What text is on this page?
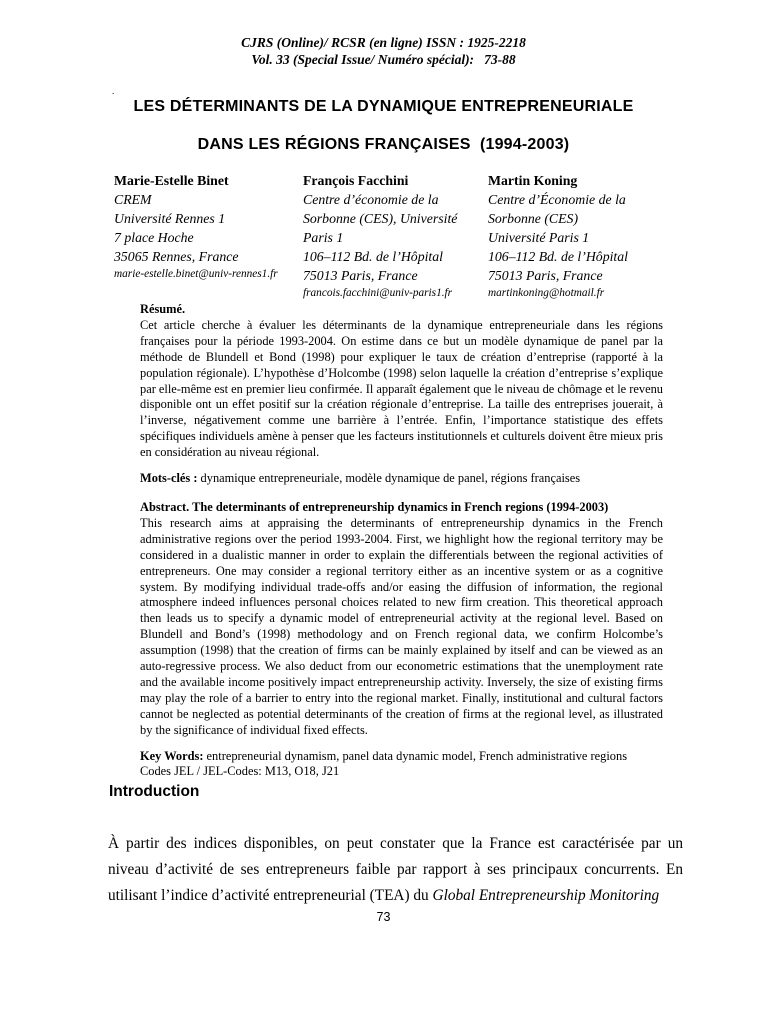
CJRS (Online)/ RCSR (en ligne) ISSN : 1925-2218
Vol. 33 (Special Issue/ Numéro spécial):   73-88
.
LES DÉTERMINANTS DE LA DYNAMIQUE ENTREPRENEURIALE
DANS LES RÉGIONS FRANÇAISES  (1994-2003)
Marie-Estelle Binet
CREM
Université Rennes 1
7 place Hoche
35065 Rennes, France
marie-estelle.binet@univ-rennes1.fr
François Facchini
Centre d’économie de la
Sorbonne (CES), Université
Paris 1
106–112 Bd. de l’Hôpital
75013 Paris, France
francois.facchini@univ-paris1.fr
Martin Koning
Centre d’Économie de la
Sorbonne (CES)
Université Paris 1
106–112 Bd. de l’Hôpital
75013 Paris, France
martinkoning@hotmail.fr
Résumé.

Cet article cherche à évaluer les déterminants de la dynamique entrepreneuriale dans les régions françaises pour la période 1993-2004. On estime dans ce but un modèle dynamique de panel par la méthode de Blundell et Bond (1998) pour expliquer le taux de création d’entreprise (rapporté à la population régionale). L’hypothèse d’Holcombe (1998) selon laquelle la création d’entreprise s’explique par elle-même est en premier lieu confirmée. Il apparaît également que le niveau de chômage et le revenu disponible ont un effet positif sur la création régionale d’entreprise. La taille des entreprises jouerait, à l’inverse, négativement comme une barrière à l’entrée. Enfin, l’importance statistique des effets spécifiques individuels amène à penser que les facteurs institutionnels et culturels doivent être mieux pris en considération au niveau régional.

Mots-clés : dynamique entrepreneuriale, modèle dynamique de panel, régions françaises
Abstract. The determinants of entrepreneurship dynamics in French regions (1994-2003)

This research aims at appraising the determinants of entrepreneurship dynamics in the French administrative regions over the period 1993-2004. First, we highlight how the regional territory may be considered in a dualistic manner in order to explain the differentials between the regional activities of entrepreneurs. One may consider a regional territory either as an incentive system or as a cognitive system. By modifying individual trade-offs and/or easing the diffusion of information, the regional atmosphere indeed influences personal choices related to new firm creation. This theoretical approach then leads us to specify a dynamic model of entrepreneurial activity at the regional level. Based on Blundell and Bond’s (1998) methodology and on French regional data, we confirm Holcombe’s assumption (1998) that the creation of firms can be mainly explained by itself and can be viewed as an auto-regressive process. We also deduct from our econometric estimations that the unemployment rate and the available income positively impact entrepreneurship activity. Inversely, the size of existing firms may play the role of a barrier to entry into the regional market. Finally, institutional and cultural factors cannot be neglected as potential determinants of the creation of firms at the regional level, as illustrated by the significance of individual fixed effects.

Key Words: entrepreneurial dynamism, panel data dynamic model, French administrative regions
Codes JEL / JEL-Codes: M13, O18, J21
Introduction

À partir des indices disponibles, on peut constater que la France est caractérisée par un niveau d’activité de ses entrepreneurs faible par rapport à ses principaux concurrents. En utilisant l’indice d’activité entrepreneurial (TEA) du Global Entrepreneurship Monitoring

73
